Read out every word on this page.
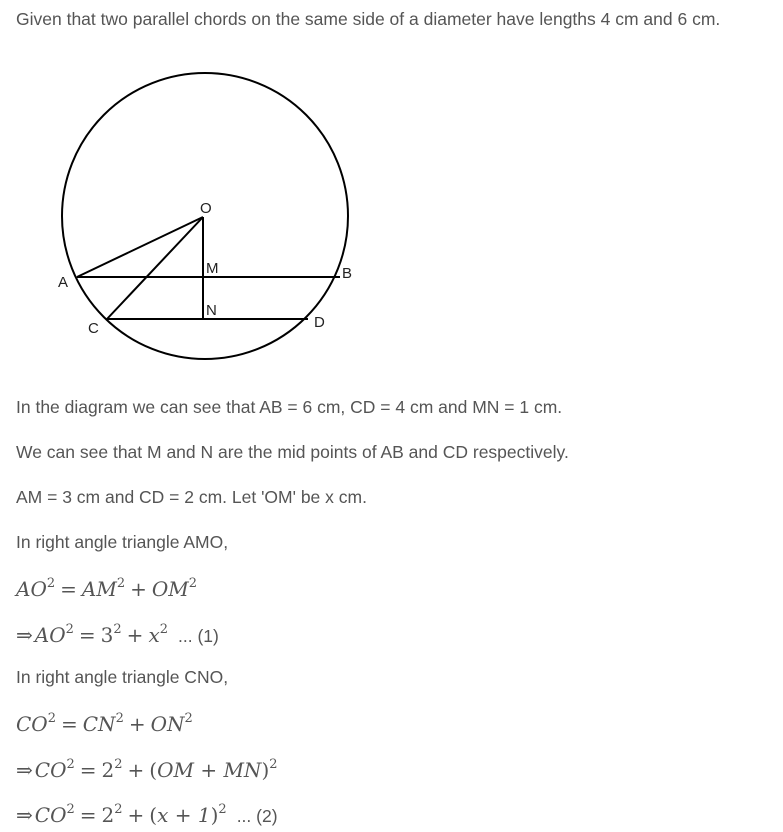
Given that two parallel chords on the same side of a diameter have lengths 4 cm and 6 cm.

O
A
B
C	D
M
N

In the diagram we can see that AB = 6 cm, CD = 4 cm and MN = 1 cm.

We can see that M and N are the mid points of AB and CD respectively.

AM = 3 cm and CD = 2 cm. Let 'OM' be x cm.

In right angle triangle AMO,

$AO^2 = AM^2 + OM^2$
⇒ $AO^2 = 3^2 + x^2$ ... (1)

In right angle triangle CNO,

$CO^2 = CN^2 + ON^2$
⇒ $CO^2 = 2^2 + (OM + MN)^2$
⇒ $CO^2 = 2^2 + (x + 1)^2$ ... (2)
